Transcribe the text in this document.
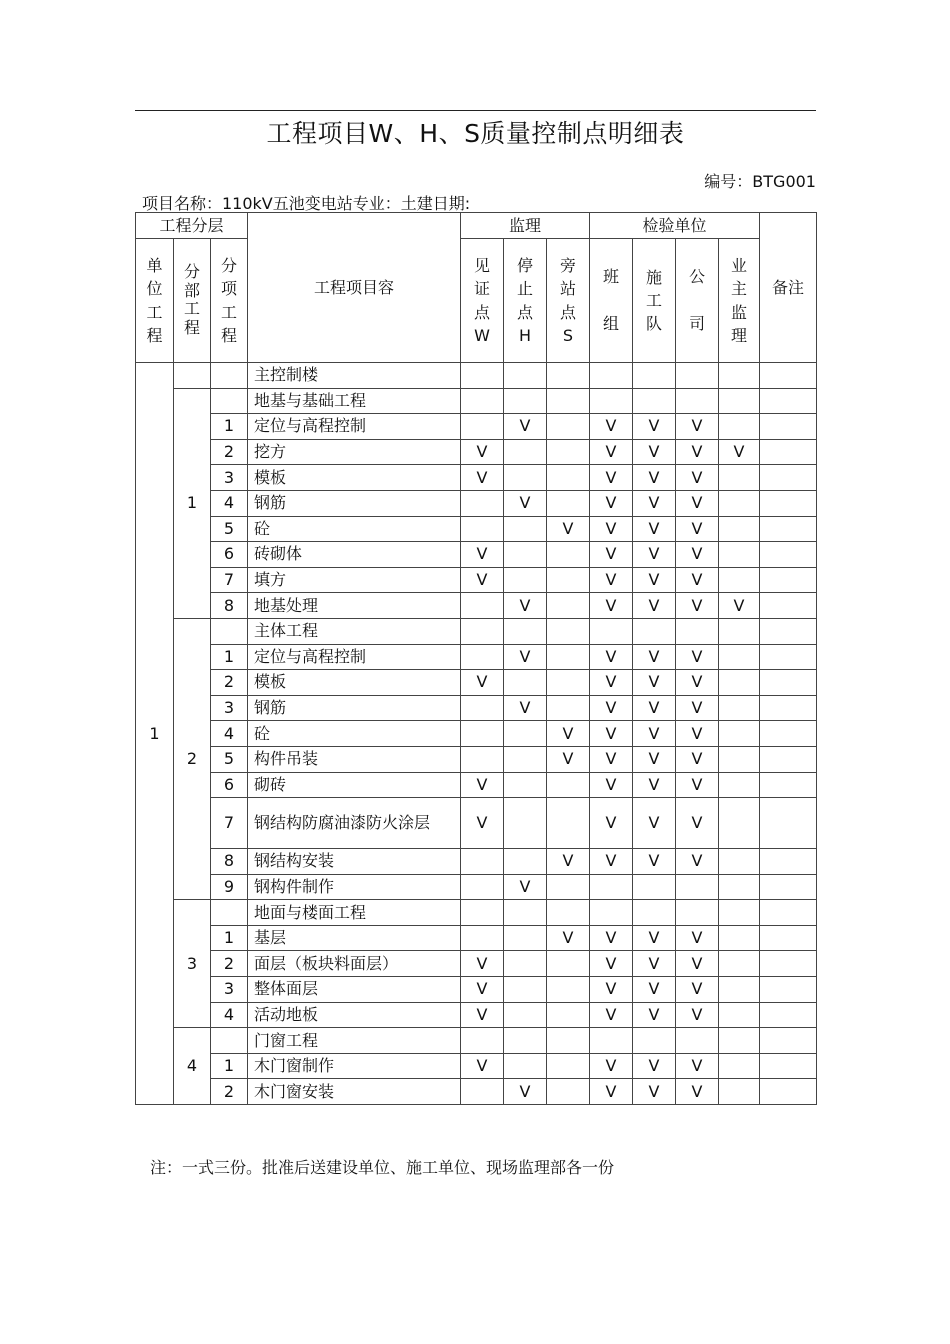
工程项目W、H、S质量控制点明细表
编号：BTG001
项目名称：110kV五池变电站专业：土建日期:
工程分层			工程项目容	监理			检验单位				备注
单位工程	分部工程	分项工程		见证点W	停止点H	旁站点S	班组	施工队	公司	业主监理	
1			主控制楼								
	1		地基与基础工程								
		1	定位与高程控制		V		V	V	V		
		2	挖方	V			V	V	V	V	
		3	模板	V			V	V	V		
		4	钢筋		V		V	V	V		
		5	砼			V	V	V	V		
		6	砖砌体	V			V	V	V		
		7	填方	V			V	V	V		
		8	地基处理		V		V	V	V	V	
	2		主体工程								
		1	定位与高程控制		V		V	V	V		
		2	模板	V			V	V	V		
		3	钢筋		V		V	V	V		
		4	砼			V	V	V	V		
		5	构件吊装			V	V	V	V		
		6	砌砖	V			V	V	V		
		7	钢结构防腐油漆防火涂层	V			V	V	V		
		8	钢结构安装			V	V	V	V		
		9	钢构件制作		V						
	3		地面与楼面工程								
		1	基层			V	V	V	V		
		2	面层（板块料面层）	V			V	V	V		
		3	整体面层	V			V	V	V		
		4	活动地板	V			V	V	V		
	4		门窗工程								
		1	木门窗制作	V			V	V	V		
		2	木门窗安装		V		V	V	V		
注：一式三份。批准后送建设单位、施工单位、现场监理部各一份
